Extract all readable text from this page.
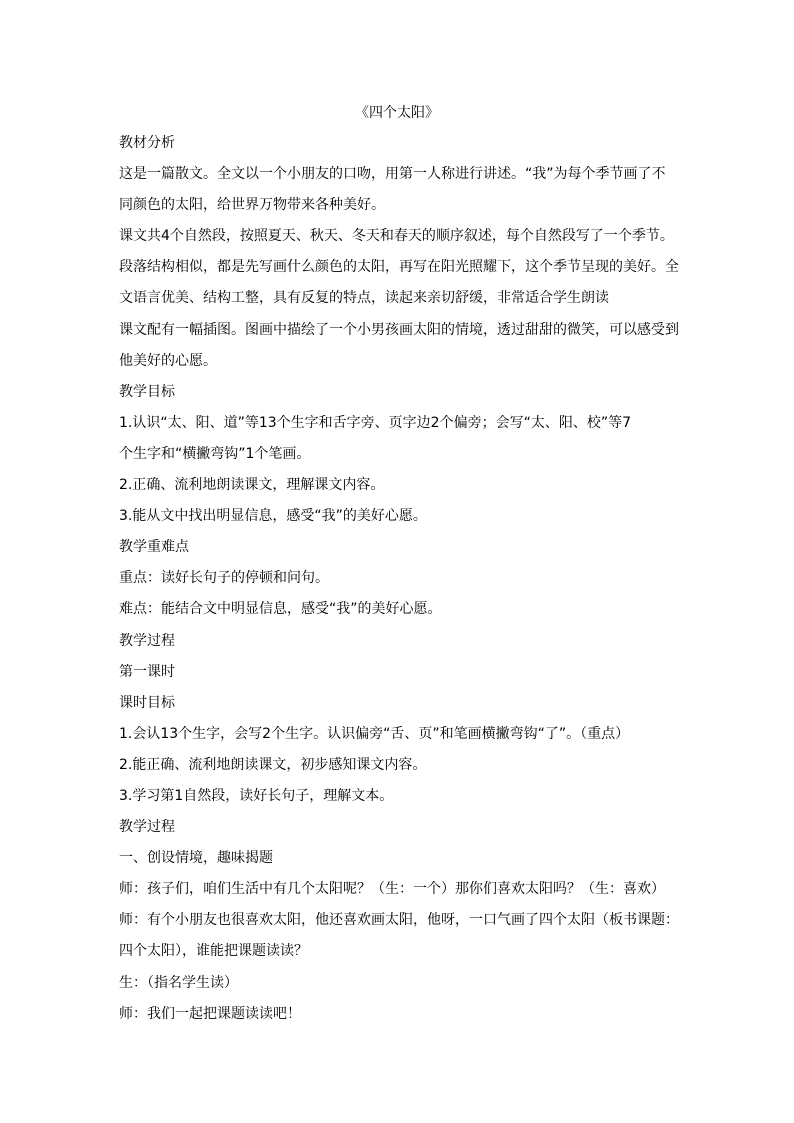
《四个太阳》
教材分析
这是一篇散文。全文以一个小朋友的口吻，用第一人称进行讲述。“我”为每个季节画了不
同颜色的太阳，给世界万物带来各种美好。
课文共4个自然段，按照夏天、秋天、冬天和春天的顺序叙述，每个自然段写了一个季节。
段落结构相似，都是先写画什么颜色的太阳，再写在阳光照耀下，这个季节呈现的美好。全
文语言优美、结构工整，具有反复的特点，读起来亲切舒缓，非常适合学生朗读
课文配有一幅插图。图画中描绘了一个小男孩画太阳的情境，透过甜甜的微笑，可以感受到
他美好的心愿。
教学目标
1.认识“太、阳、道”等13个生字和舌字旁、页字边2个偏旁；会写“太、阳、校”等7
个生字和“横撇弯钩”1个笔画。
2.正确、流利地朗读课文，理解课文内容。
3.能从文中找出明显信息，感受“我”的美好心愿。
教学重难点
重点：读好长句子的停顿和问句。
难点：能结合文中明显信息，感受“我”的美好心愿。
教学过程
第一课时
课时目标
1.会认13个生字，会写2个生字。认识偏旁“舌、页”和笔画横撇弯钩“了”。（重点）
2.能正确、流利地朗读课文，初步感知课文内容。
3.学习第1自然段，读好长句子，理解文本。
教学过程
一、创设情境，趣味揭题
师：孩子们，咱们生活中有几个太阳呢？（生：一个）那你们喜欢太阳吗？（生：喜欢）
师：有个小朋友也很喜欢太阳，他还喜欢画太阳，他呀，一口气画了四个太阳（板书课题：
四个太阳），谁能把课题读读？
生：（指名学生读）
师：我们一起把课题读读吧！
